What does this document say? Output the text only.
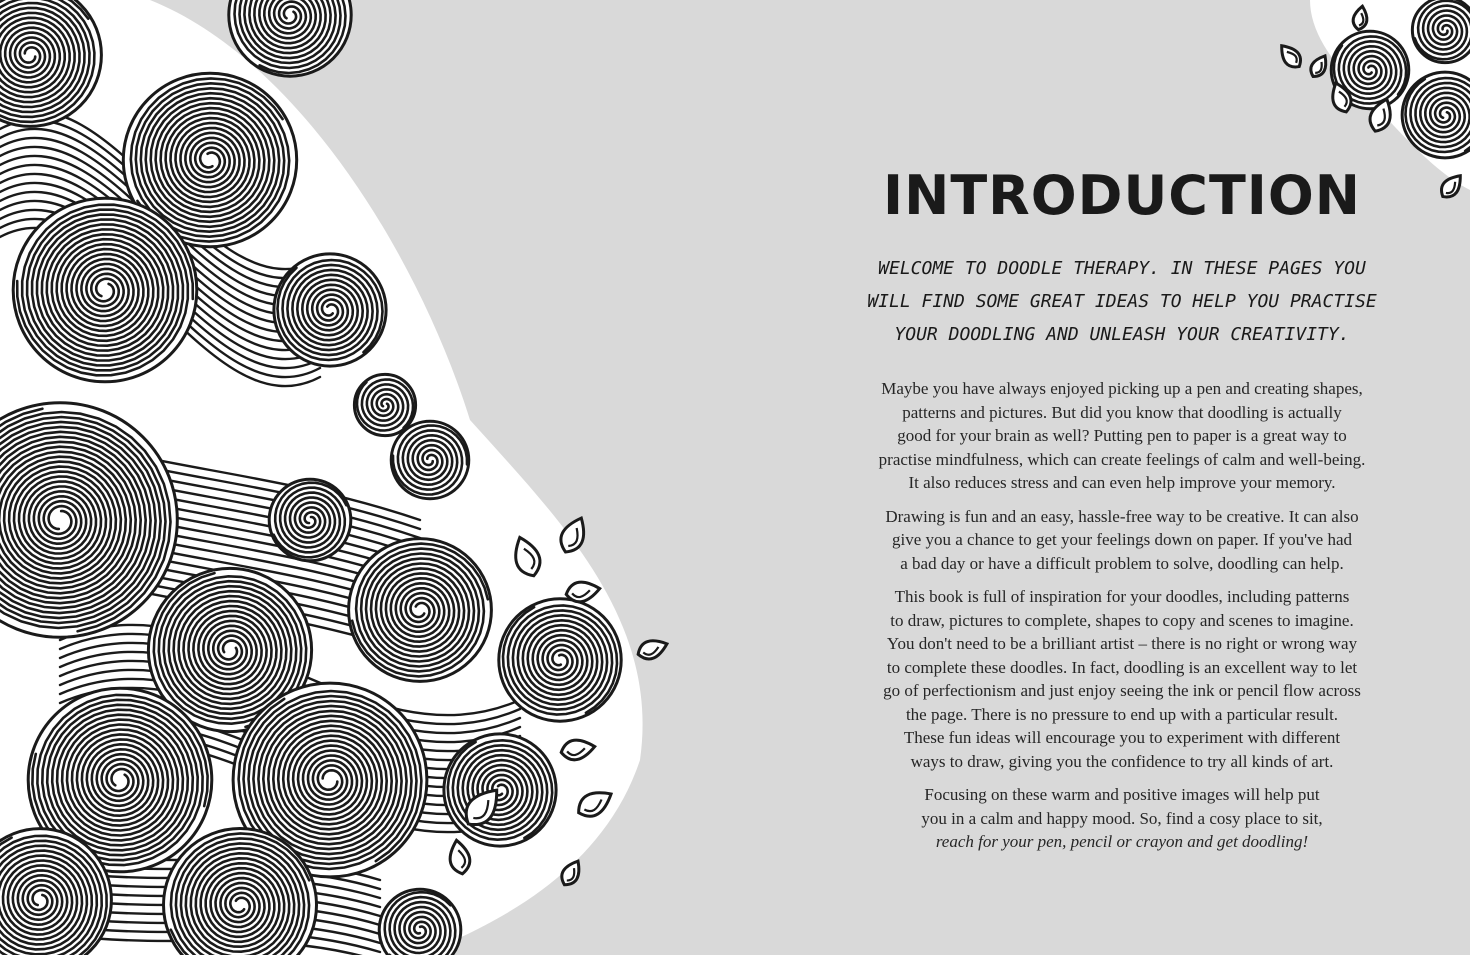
INTRODUCTION
WELCOME TO DOODLE THERAPY. IN THESE PAGES YOU
WILL FIND SOME GREAT IDEAS TO HELP YOU PRACTISE
YOUR DOODLING AND UNLEASH YOUR CREATIVITY.

Maybe you have always enjoyed picking up a pen and creating shapes,
patterns and pictures. But did you know that doodling is actually
good for your brain as well? Putting pen to paper is a great way to
practise mindfulness, which can create feelings of calm and well-being.
It also reduces stress and can even help improve your memory.

Drawing is fun and an easy, hassle-free way to be creative. It can also
give you a chance to get your feelings down on paper. If you've had
a bad day or have a difficult problem to solve, doodling can help.

This book is full of inspiration for your doodles, including patterns
to draw, pictures to complete, shapes to copy and scenes to imagine.
You don't need to be a brilliant artist – there is no right or wrong way
to complete these doodles. In fact, doodling is an excellent way to let
go of perfectionism and just enjoy seeing the ink or pencil flow across
the page. There is no pressure to end up with a particular result.
These fun ideas will encourage you to experiment with different
ways to draw, giving you the confidence to try all kinds of art.

Focusing on these warm and positive images will help put
you in a calm and happy mood. So, find a cosy place to sit,
reach for your pen, pencil or crayon and get doodling!
